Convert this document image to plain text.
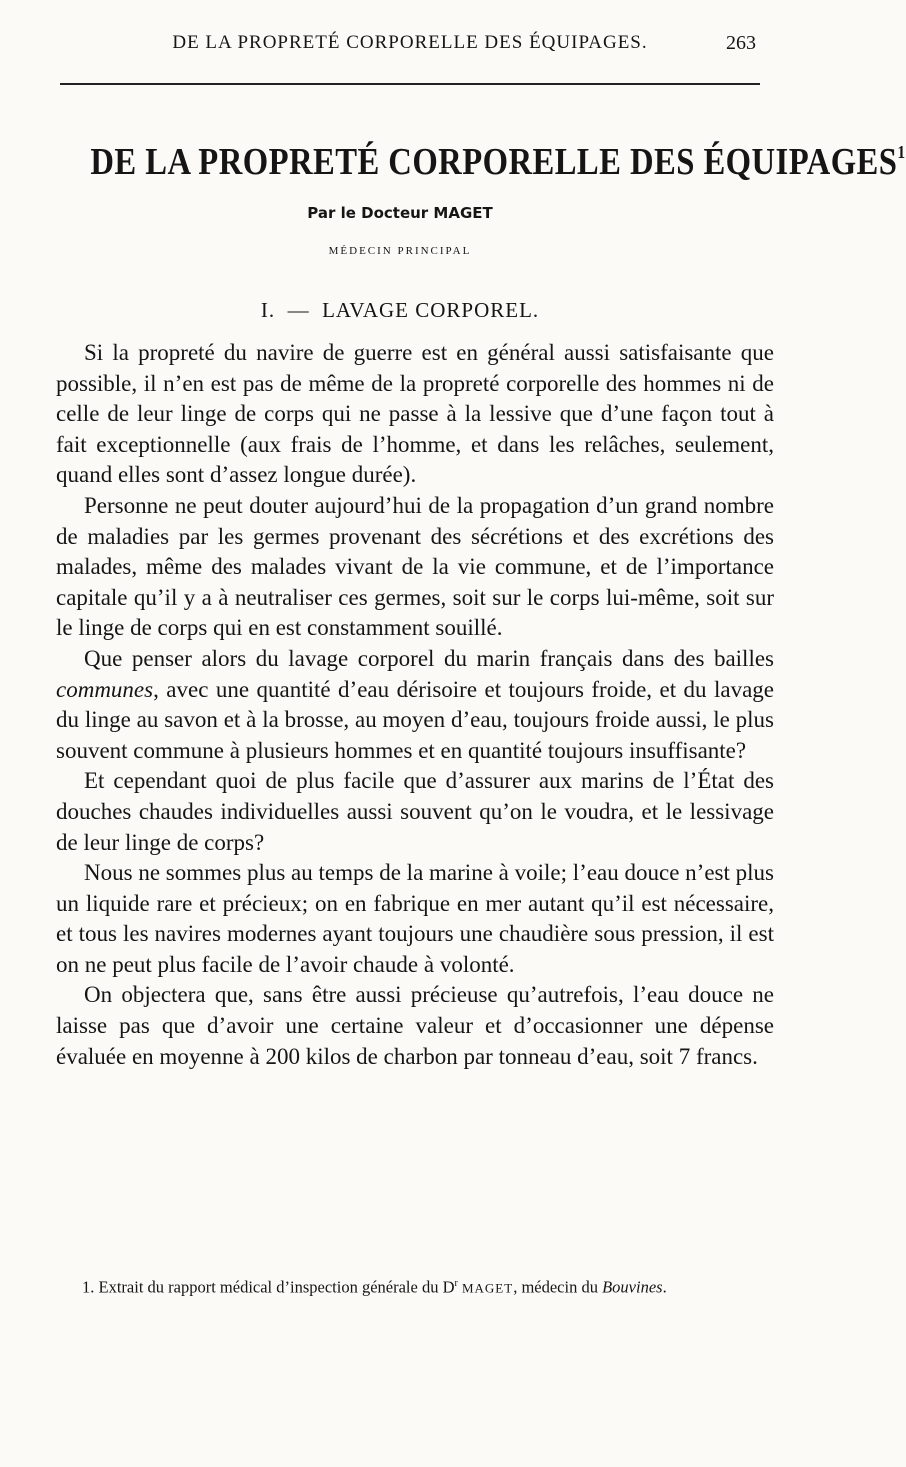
DE LA PROPRETÉ CORPORELLE DES ÉQUIPAGES.	263
DE LA PROPRETÉ CORPORELLE DES ÉQUIPAGES$^1$
Par le Docteur MAGET
MÉDECIN PRINCIPAL
I.  —  LAVAGE CORPOREL.

Si la propreté du navire de guerre est en général aussi satisfaisante que possible, il n’en est pas de même de la propreté corporelle des hommes ni de celle de leur linge de corps qui ne passe à la lessive que d’une façon tout à fait exceptionnelle (aux frais de l’homme, et dans les relâches, seulement, quand elles sont d’assez longue durée).

Personne ne peut douter aujourd’hui de la propagation d’un grand nombre de maladies par les germes provenant des sécrétions et des excrétions des malades, même des malades vivant de la vie commune, et de l’importance capitale qu’il y a à neutraliser ces germes, soit sur le corps lui-même, soit sur le linge de corps qui en est constamment souillé.

Que penser alors du lavage corporel du marin français dans des bailles communes, avec une quantité d’eau dérisoire et toujours froide, et du lavage du linge au savon et à la brosse, au moyen d’eau, toujours froide aussi, le plus souvent commune à plusieurs hommes et en quantité toujours insuffisante?

Et cependant quoi de plus facile que d’assurer aux marins de l’État des douches chaudes individuelles aussi souvent qu’on le voudra, et le lessivage de leur linge de corps?

Nous ne sommes plus au temps de la marine à voile; l’eau douce n’est plus un liquide rare et précieux; on en fabrique en mer autant qu’il est nécessaire, et tous les navires modernes ayant toujours une chaudière sous pression, il est on ne peut plus facile de l’avoir chaude à volonté.

On objectera que, sans être aussi précieuse qu’autrefois, l’eau douce ne laisse pas que d’avoir une certaine valeur et d’occasionner une dépense évaluée en moyenne à 200 kilos de charbon par tonneau d’eau, soit 7 francs.

1. Extrait du rapport médical d’inspection générale du $D^r$ MAGET, médecin du Bouvines.
